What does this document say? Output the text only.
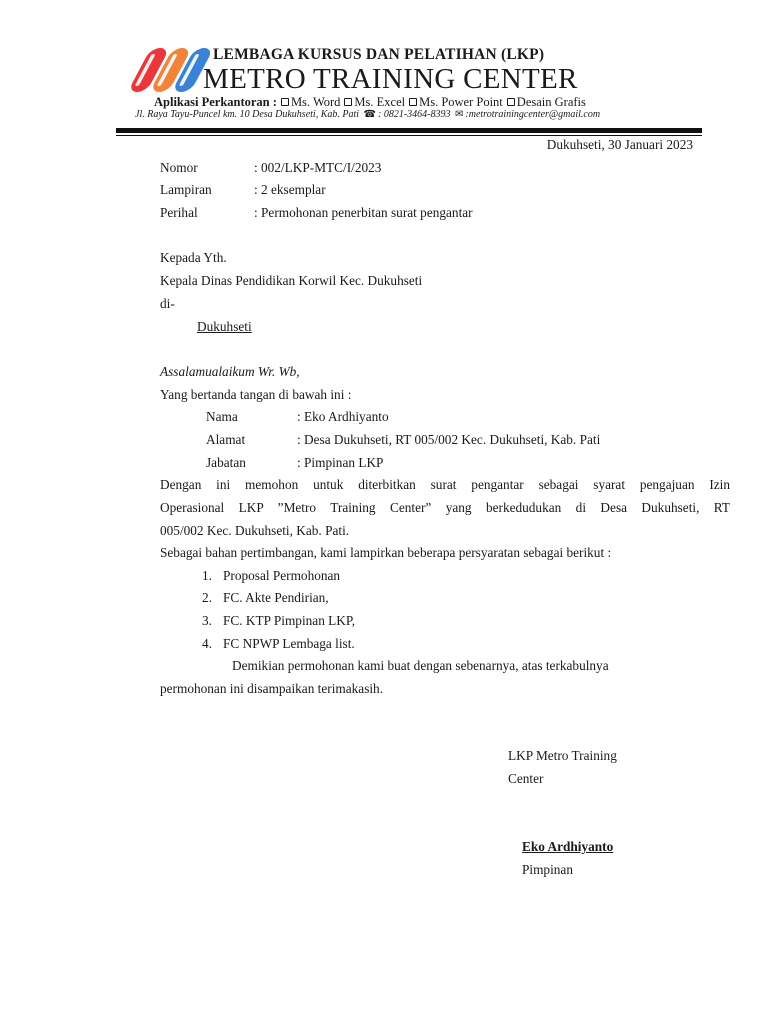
LEMBAGA KURSUS DAN PELATIHAN (LKP)
METRO TRAINING CENTER
Aplikasi Perkantoran : Ms. Word Ms. Excel Ms. Power Point Desain Grafis
Jl. Raya Tayu-Puncel km. 10 Desa Dukuhseti, Kab. Pati ☎ : 0821-3464-8393 ✉ :metrotrainingcenter@gmail.com
Dukuhseti, 30 Januari 2023
Nomor	: 002/LKP-MTC/I/2023
Lampiran	: 2 eksemplar
Perihal	: Permohonan penerbitan surat pengantar
Kepada Yth.
Kepala Dinas Pendidikan Korwil Kec. Dukuhseti
di-
Dukuhseti
Assalamualaikum Wr. Wb,
Yang bertanda tangan di bawah ini :
Nama	: Eko Ardhiyanto
Alamat	: Desa Dukuhseti, RT 005/002 Kec. Dukuhseti, Kab. Pati
Jabatan	: Pimpinan LKP
Dengan ini memohon untuk diterbitkan surat pengantar sebagai syarat pengajuan Izin
Operasional LKP ”Metro Training Center” yang berkedudukan di Desa Dukuhseti, RT
005/002 Kec. Dukuhseti, Kab. Pati.
Sebagai bahan pertimbangan, kami lampirkan beberapa persyaratan sebagai berikut :
1. Proposal Permohonan
2. FC. Akte Pendirian,
3. FC. KTP Pimpinan LKP,
4. FC NPWP Lembaga list.
Demikian permohonan kami buat dengan sebenarnya, atas terkabulnya
permohonan ini disampaikan terimakasih.
LKP Metro Training
Center
Eko Ardhiyanto
Pimpinan
